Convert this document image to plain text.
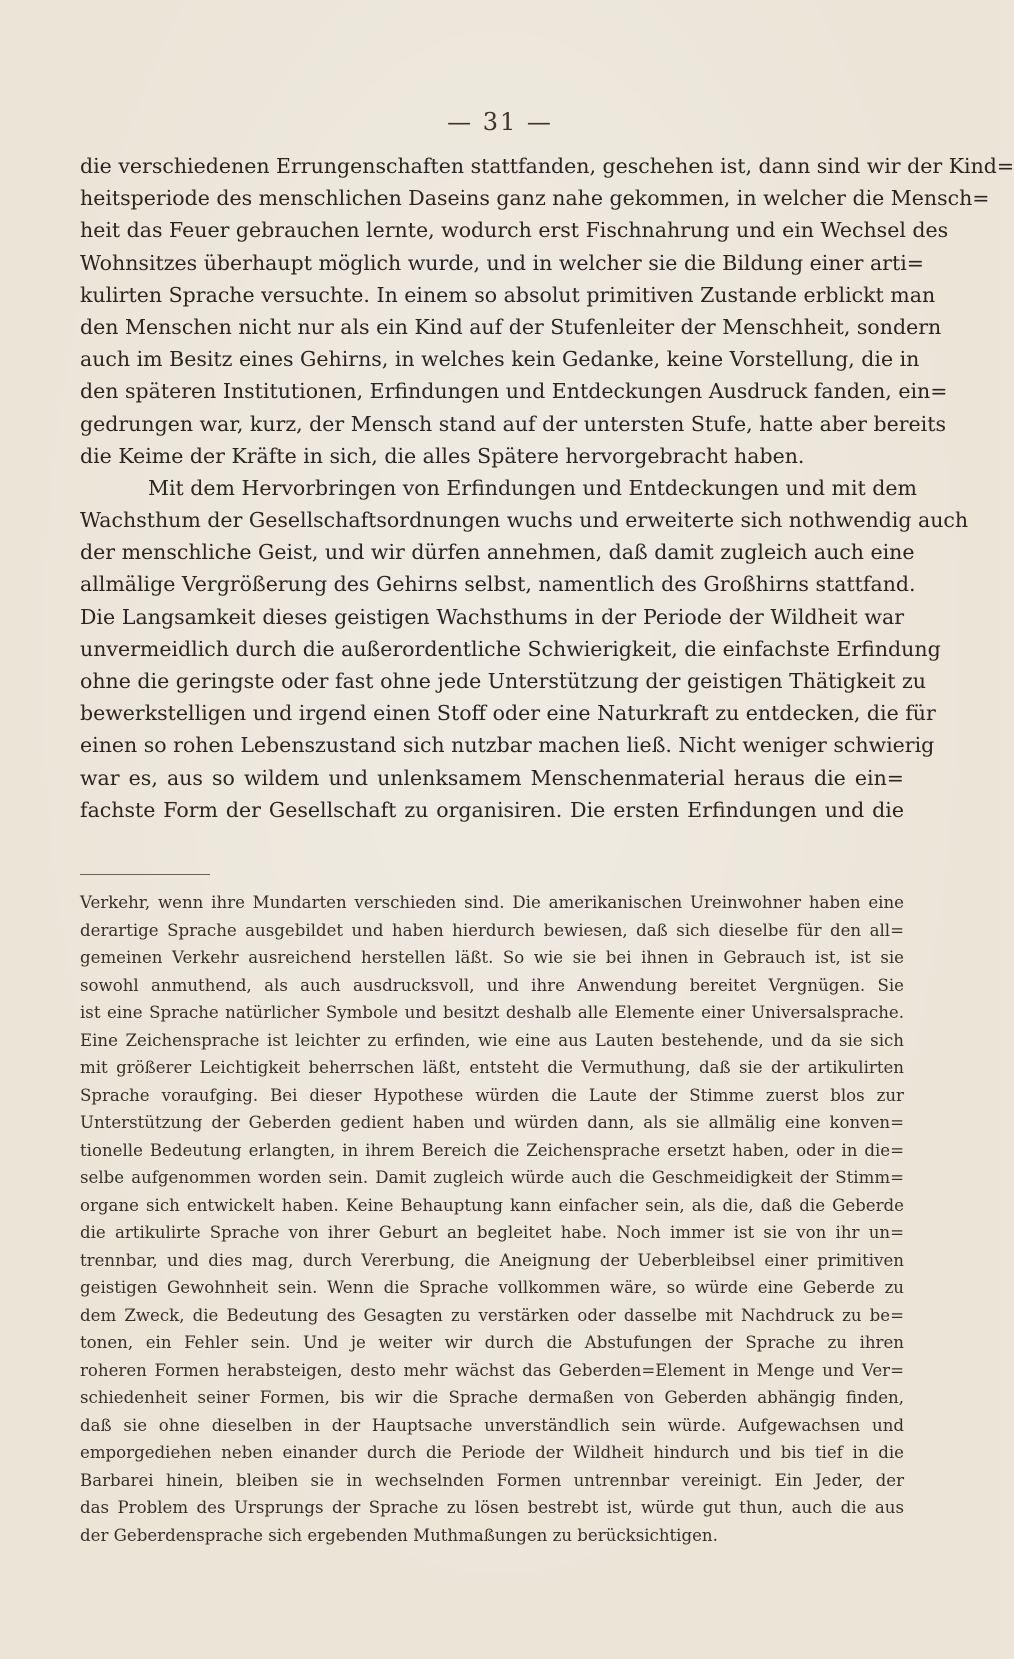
— 31 —
die verschiedenen Errungenschaften stattfanden, geschehen ist, dann sind wir der Kind=
heitsperiode des menschlichen Daseins ganz nahe gekommen, in welcher die Mensch=
heit das Feuer gebrauchen lernte, wodurch erst Fischnahrung und ein Wechsel des
Wohnsitzes überhaupt möglich wurde, und in welcher sie die Bildung einer arti=
kulirten Sprache versuchte. In einem so absolut primitiven Zustande erblickt man
den Menschen nicht nur als ein Kind auf der Stufenleiter der Menschheit, sondern
auch im Besitz eines Gehirns, in welches kein Gedanke, keine Vorstellung, die in
den späteren Institutionen, Erfindungen und Entdeckungen Ausdruck fanden, ein=
gedrungen war, kurz, der Mensch stand auf der untersten Stufe, hatte aber bereits
die Keime der Kräfte in sich, die alles Spätere hervorgebracht haben.
Mit dem Hervorbringen von Erfindungen und Entdeckungen und mit dem
Wachsthum der Gesellschaftsordnungen wuchs und erweiterte sich nothwendig auch
der menschliche Geist, und wir dürfen annehmen, daß damit zugleich auch eine
allmälige Vergrößerung des Gehirns selbst, namentlich des Großhirns stattfand.
Die Langsamkeit dieses geistigen Wachsthums in der Periode der Wildheit war
unvermeidlich durch die außerordentliche Schwierigkeit, die einfachste Erfindung
ohne die geringste oder fast ohne jede Unterstützung der geistigen Thätigkeit zu
bewerkstelligen und irgend einen Stoff oder eine Naturkraft zu entdecken, die für
einen so rohen Lebenszustand sich nutzbar machen ließ. Nicht weniger schwierig
war es, aus so wildem und unlenksamem Menschenmaterial heraus die ein=
fachste Form der Gesellschaft zu organisiren. Die ersten Erfindungen und die
Verkehr, wenn ihre Mundarten verschieden sind. Die amerikanischen Ureinwohner haben eine
derartige Sprache ausgebildet und haben hierdurch bewiesen, daß sich dieselbe für den all=
gemeinen Verkehr ausreichend herstellen läßt. So wie sie bei ihnen in Gebrauch ist, ist sie
sowohl anmuthend, als auch ausdrucksvoll, und ihre Anwendung bereitet Vergnügen. Sie
ist eine Sprache natürlicher Symbole und besitzt deshalb alle Elemente einer Universalsprache.
Eine Zeichensprache ist leichter zu erfinden, wie eine aus Lauten bestehende, und da sie sich
mit größerer Leichtigkeit beherrschen läßt, entsteht die Vermuthung, daß sie der artikulirten
Sprache voraufging. Bei dieser Hypothese würden die Laute der Stimme zuerst blos zur
Unterstützung der Geberden gedient haben und würden dann, als sie allmälig eine konven=
tionelle Bedeutung erlangten, in ihrem Bereich die Zeichensprache ersetzt haben, oder in die=
selbe aufgenommen worden sein. Damit zugleich würde auch die Geschmeidigkeit der Stimm=
organe sich entwickelt haben. Keine Behauptung kann einfacher sein, als die, daß die Geberde
die artikulirte Sprache von ihrer Geburt an begleitet habe. Noch immer ist sie von ihr un=
trennbar, und dies mag, durch Vererbung, die Aneignung der Ueberbleibsel einer primitiven
geistigen Gewohnheit sein. Wenn die Sprache vollkommen wäre, so würde eine Geberde zu
dem Zweck, die Bedeutung des Gesagten zu verstärken oder dasselbe mit Nachdruck zu be=
tonen, ein Fehler sein. Und je weiter wir durch die Abstufungen der Sprache zu ihren
roheren Formen herabsteigen, desto mehr wächst das Geberden=Element in Menge und Ver=
schiedenheit seiner Formen, bis wir die Sprache dermaßen von Geberden abhängig finden,
daß sie ohne dieselben in der Hauptsache unverständlich sein würde. Aufgewachsen und
emporgediehen neben einander durch die Periode der Wildheit hindurch und bis tief in die
Barbarei hinein, bleiben sie in wechselnden Formen untrennbar vereinigt. Ein Jeder, der
das Problem des Ursprungs der Sprache zu lösen bestrebt ist, würde gut thun, auch die aus
der Geberdensprache sich ergebenden Muthmaßungen zu berücksichtigen.
